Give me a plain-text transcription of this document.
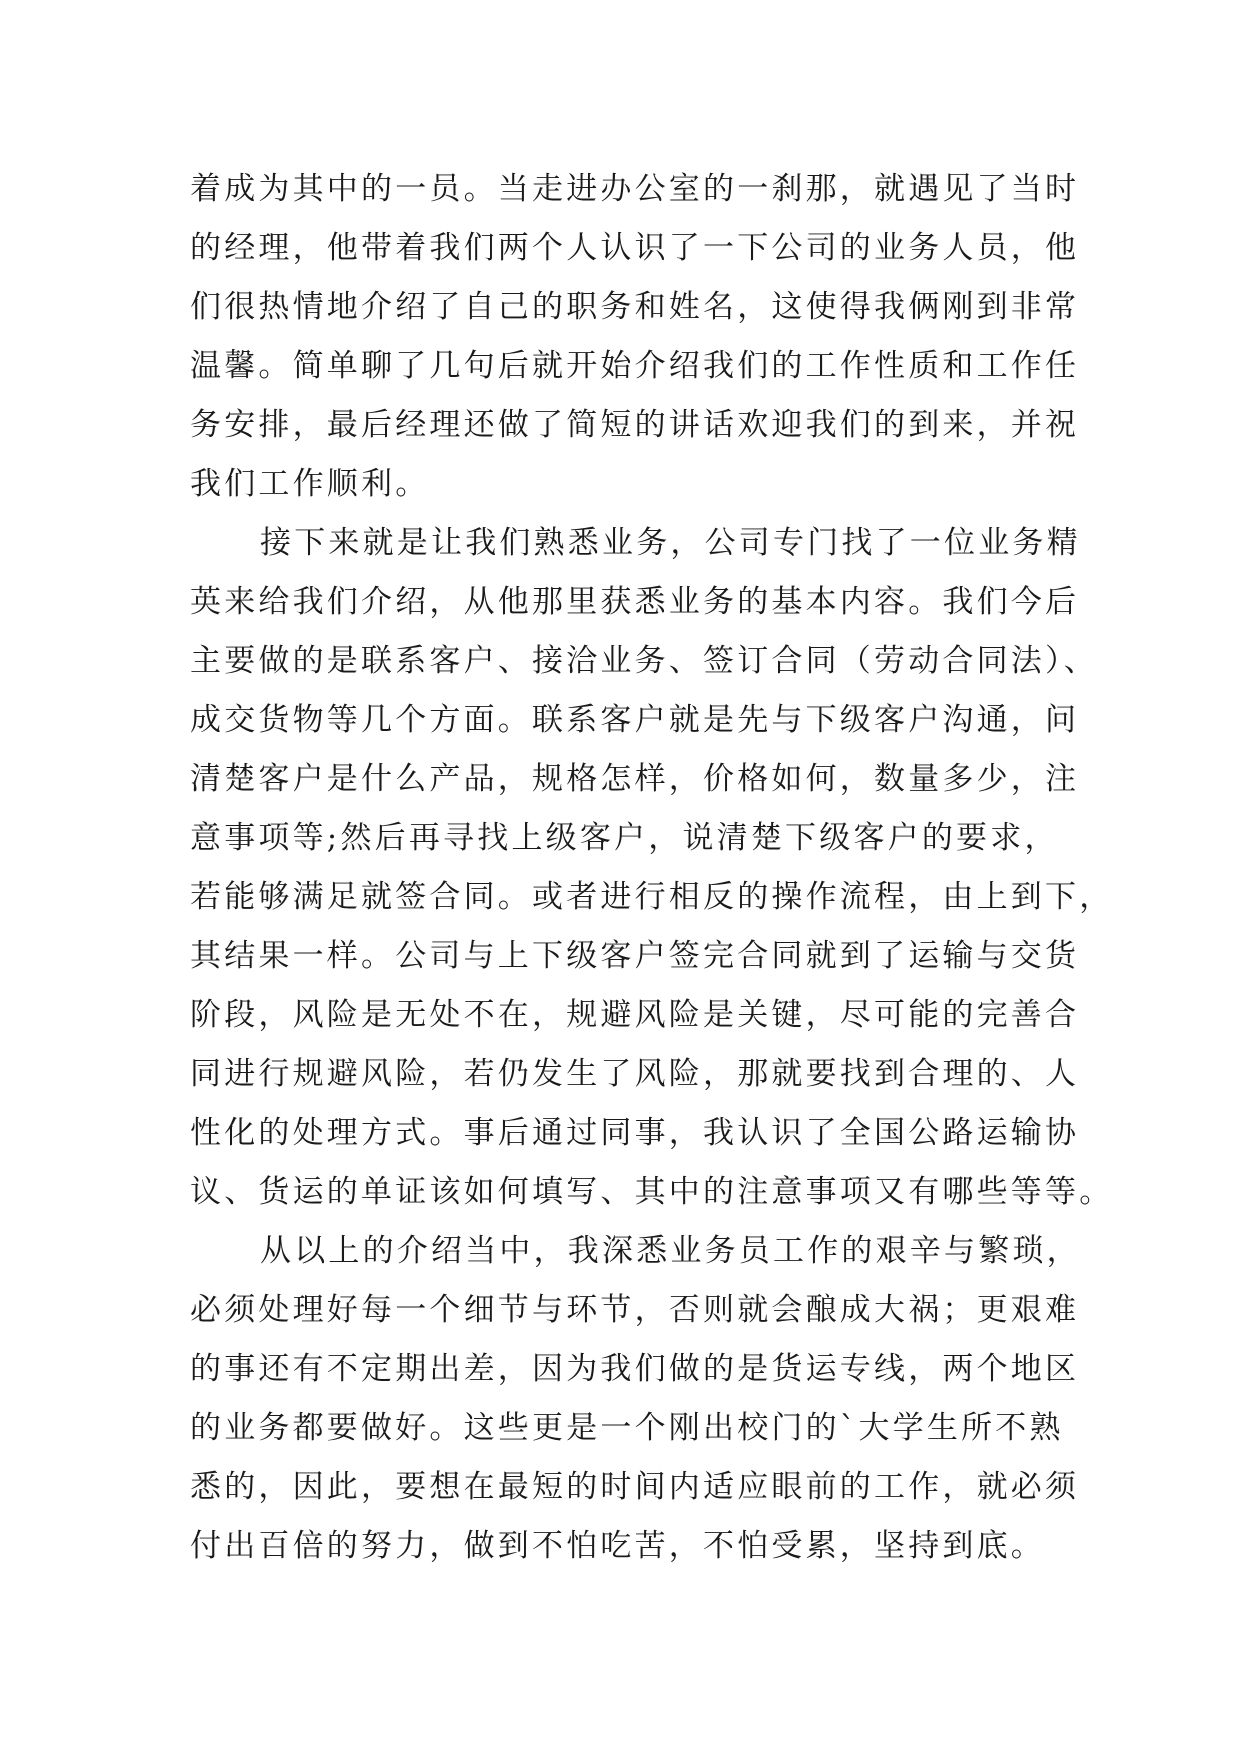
着成为其中的一员。当走进办公室的一刹那，就遇见了当时
的经理，他带着我们两个人认识了一下公司的业务人员，他
们很热情地介绍了自己的职务和姓名，这使得我俩刚到非常
温馨。简单聊了几句后就开始介绍我们的工作性质和工作任
务安排，最后经理还做了简短的讲话欢迎我们的到来，并祝
我们工作顺利。
接下来就是让我们熟悉业务，公司专门找了一位业务精
英来给我们介绍，从他那里获悉业务的基本内容。我们今后
主要做的是联系客户、接洽业务、签订合同（劳动合同法）、
成交货物等几个方面。联系客户就是先与下级客户沟通，问
清楚客户是什么产品，规格怎样，价格如何，数量多少，注
意事项等;然后再寻找上级客户，说清楚下级客户的要求，
若能够满足就签合同。或者进行相反的操作流程，由上到下，
其结果一样。公司与上下级客户签完合同就到了运输与交货
阶段，风险是无处不在，规避风险是关键，尽可能的完善合
同进行规避风险，若仍发生了风险，那就要找到合理的、人
性化的处理方式。事后通过同事，我认识了全国公路运输协
议、货运的单证该如何填写、其中的注意事项又有哪些等等。
从以上的介绍当中，我深悉业务员工作的艰辛与繁琐，
必须处理好每一个细节与环节，否则就会酿成大祸；更艰难
的事还有不定期出差，因为我们做的是货运专线，两个地区
的业务都要做好。这些更是一个刚出校门的`大学生所不熟
悉的，因此，要想在最短的时间内适应眼前的工作，就必须
付出百倍的努力，做到不怕吃苦，不怕受累，坚持到底。
